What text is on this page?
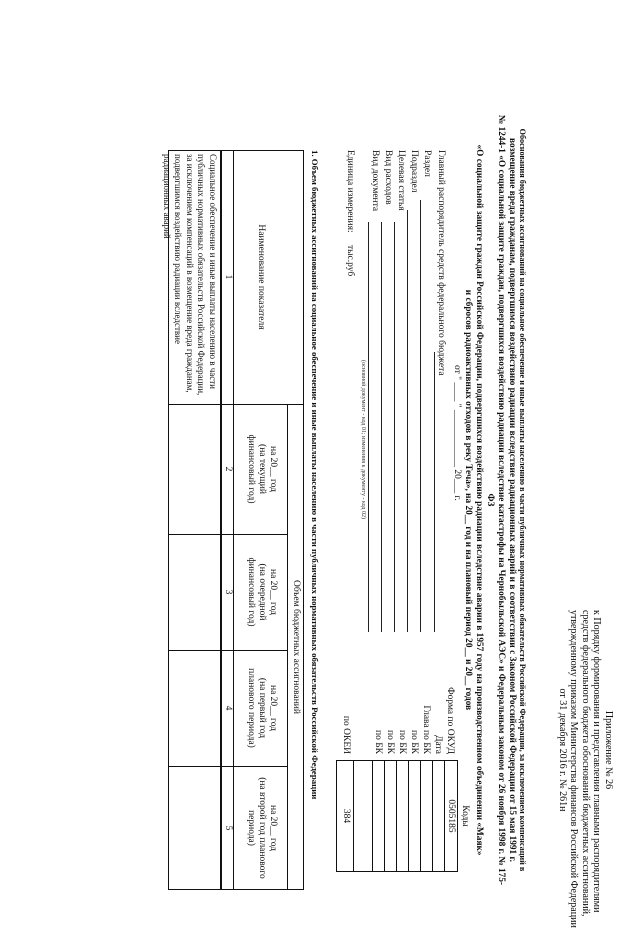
Приложение № 26
к Порядку формирования и представления главными распорядителями
средств федерального бюджета обоснований бюджетных ассигнований,
утвержденному приказом Министерства финансов Российской Федерации
от 31 декабря 2016 г. № 261н
Обоснования бюджетных ассигнований на социальное обеспечение и иные выплаты населению в части публичных нормативных обязательств Российской Федерации, за исключением компенсаций в
возмещение вреда гражданам, подвергшимся воздействию радиации вследствие радиационных аварий и в соответствии с Законом Российской Федерации от 15 мая 1991 г.
№ 1244-1 «О социальной защите граждан, подвергшихся воздействию радиации вследствие катастрофы на Чернобыльской АЭС» и Федеральным законом от 26 ноября 1998 г. № 175-ФЗ
«О социальной защите граждан Российской Федерации, подвергшихся воздействию радиации вследствие аварии в 1957 году на производственном объединении «Маяк»
и сбросов радиоактивных отходов в реку Теча», на 20__ год и на плановый период 20__ и 20__ годов
от " ____ " ____________ 20___ г.
Главный распорядитель средств федерального бюджета
Раздел
Подраздел
Целевая статья
Вид расходов
Вид документа
(основной документ - код 01; изменения к документу - код 02)
Единица измерения:
тыс.руб
Форма по ОКУД
Дата
Глава по БК
по БК
по БК
по БК
по БК
по ОКЕИ
Коды
0505185
384
1. Объем бюджетных ассигнований на социальное обеспечение и иные выплаты населению в части публичных нормативных обязательств Российской Федерации
Наименование показателя
Объем бюджетных ассигнований
на 20__ год
(на текущий
финансовый год)
на 20__ год
(на очередной
финансовый год)
на 20__ год
(на первый год
планового периода)
на 20__ год
(на второй год планового
периода)
1
2
3
4
5
Социальное обеспечение и иные выплаты населению в части публичных нормативных обязательств Российской Федерации, за исключением компенсаций в возмещение вреда гражданам, подвергшимся воздействию радиации вследствие радиационных аварий
